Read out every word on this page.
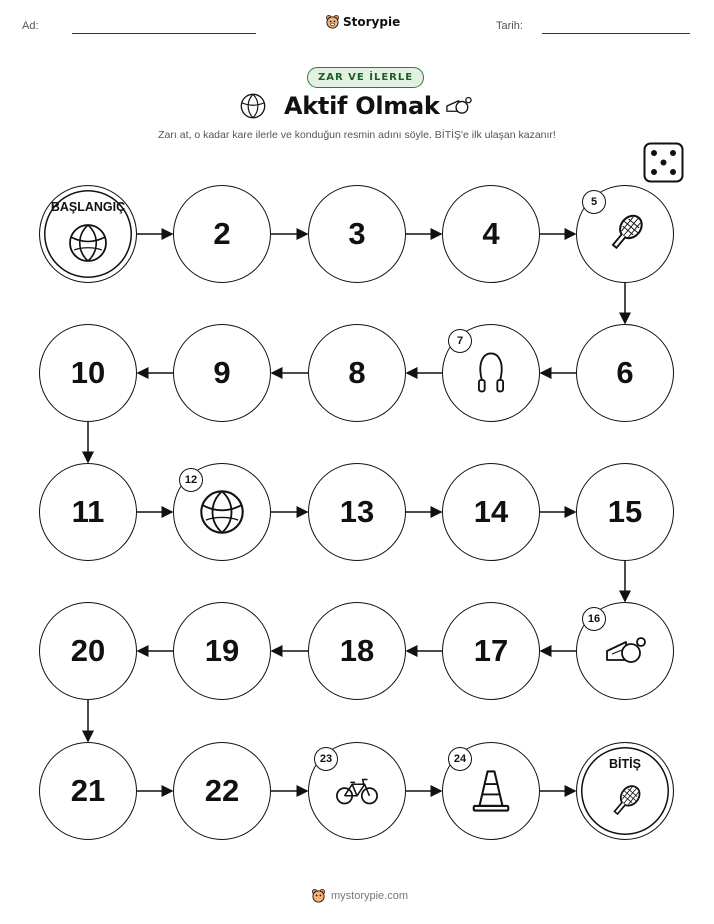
Ad:	Storypie	Tarih:
ZAR VE İLERLE
Aktif Olmak
Zarı at, o kadar kare ilerle ve konduğun resmin adını söyle. BİTİŞ'e ilk ulaşan kazanır!
BAŞLANGIÇ
2	3	4
5
6
7
8
9
10
11
12
13	14	15
16
17
18
19
20
21	22
23	24	BİTİŞ
mystorypie.com
